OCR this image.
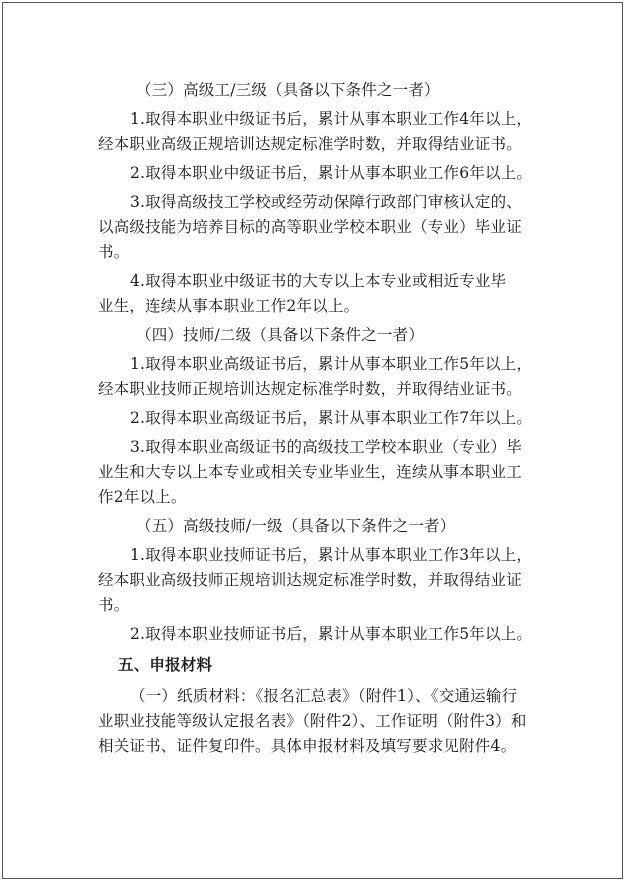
（三）高级工/三级（具备以下条件之一者）
1.取得本职业中级证书后，累计从事本职业工作4年以上，
经本职业高级正规培训达规定标准学时数，并取得结业证书。
2.取得本职业中级证书后，累计从事本职业工作6年以上。
3.取得高级技工学校或经劳动保障行政部门审核认定的、
以高级技能为培养目标的高等职业学校本职业（专业）毕业证
书。
4.取得本职业中级证书的大专以上本专业或相近专业毕
业生，连续从事本职业工作2年以上。
（四）技师/二级（具备以下条件之一者）
1.取得本职业高级证书后，累计从事本职业工作5年以上，
经本职业技师正规培训达规定标准学时数，并取得结业证书。
2.取得本职业高级证书后，累计从事本职业工作7年以上。
3.取得本职业高级证书的高级技工学校本职业（专业）毕
业生和大专以上本专业或相关专业毕业生，连续从事本职业工
作2年以上。
（五）高级技师/一级（具备以下条件之一者）
1.取得本职业技师证书后，累计从事本职业工作3年以上，
经本职业高级技师正规培训达规定标准学时数，并取得结业证
书。
2.取得本职业技师证书后，累计从事本职业工作5年以上。
五、申报材料
（一）纸质材料：《报名汇总表》（附件1）、《交通运输行
业职业技能等级认定报名表》（附件2）、工作证明（附件3）和
相关证书、证件复印件。具体申报材料及填写要求见附件4。
